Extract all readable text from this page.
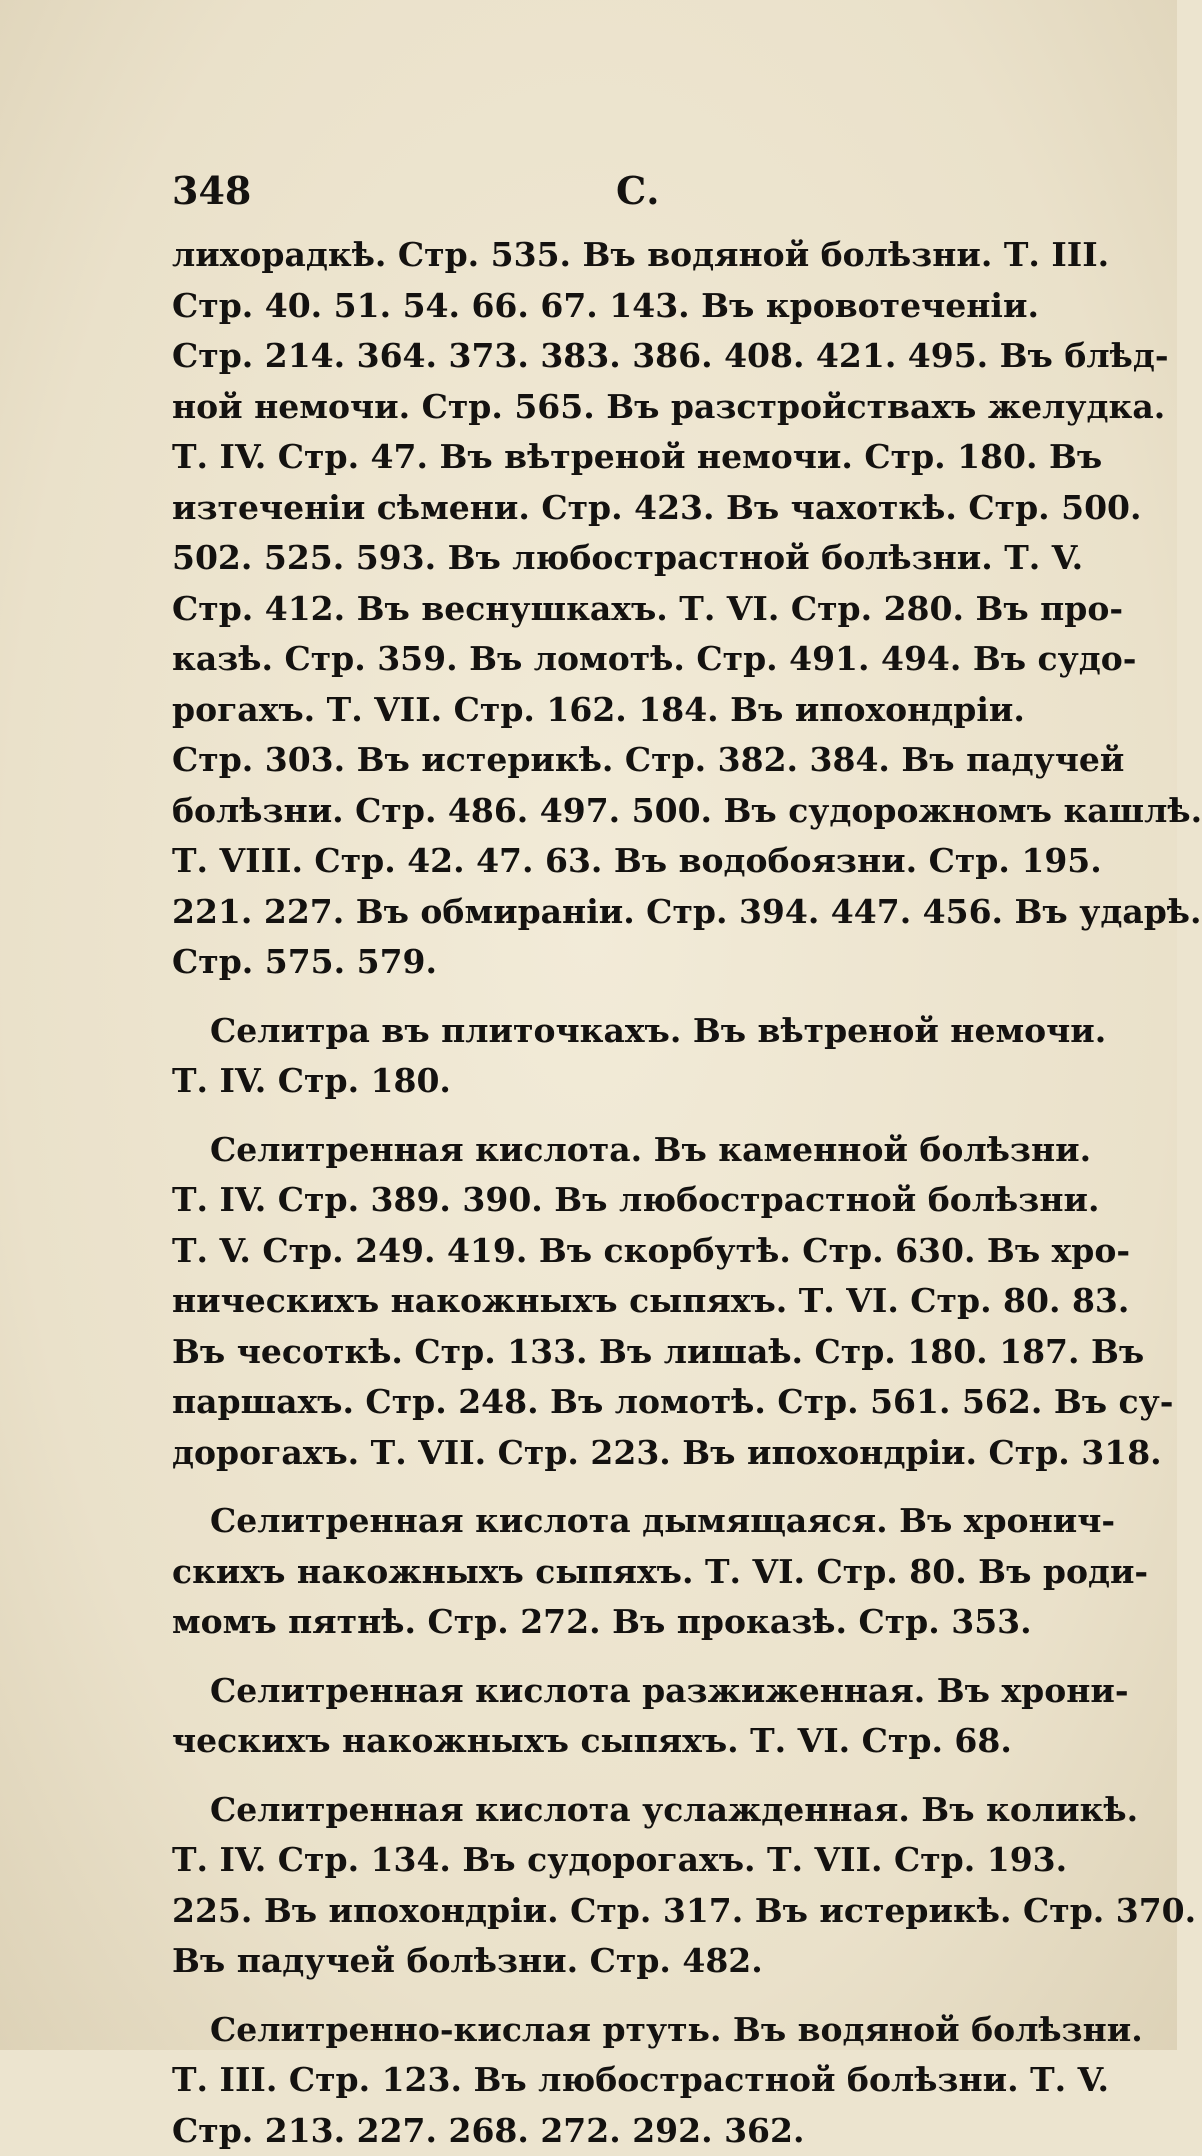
348	С.
лихорадкѣ. Стр. 535. Въ водяной болѣзни. Т. III.
Стр. 40. 51. 54. 66. 67. 143. Въ кровотеченіи.
Стр. 214. 364. 373. 383. 386. 408. 421. 495. Въ блѣд-
ной немочи. Стр. 565. Въ разстройствахъ желудка.
Т. IV. Стр. 47. Въ вѣтреной немочи. Стр. 180. Въ
изтеченіи сѣмени. Стр. 423. Въ чахоткѣ. Стр. 500.
502. 525. 593. Въ любострастной болѣзни. Т. V.
Стр. 412. Въ веснушкахъ. Т. VI. Стр. 280. Въ про-
казѣ. Стр. 359. Въ ломотѣ. Стр. 491. 494. Въ судо-
рогахъ. Т. VII. Стр. 162. 184. Въ ипохондріи.
Стр. 303. Въ истерикѣ. Стр. 382. 384. Въ падучей
болѣзни. Стр. 486. 497. 500. Въ судорожномъ кашлѣ.
Т. VIII. Стр. 42. 47. 63. Въ водобоязни. Стр. 195.
221. 227. Въ обмираніи. Стр. 394. 447. 456. Въ ударѣ.
Стр. 575. 579.
Селитра въ плиточкахъ. Въ вѣтреной немочи.
Т. IV. Стр. 180.
Селитренная кислота. Въ каменной болѣзни.
Т. IV. Стр. 389. 390. Въ любострастной болѣзни.
Т. V. Стр. 249. 419. Въ скорбутѣ. Стр. 630. Въ хро-
ническихъ накожныхъ сыпяхъ. Т. VI. Стр. 80. 83.
Въ чесоткѣ. Стр. 133. Въ лишаѣ. Стр. 180. 187. Въ
паршахъ. Стр. 248. Въ ломотѣ. Стр. 561. 562. Въ су-
дорогахъ. Т. VII. Стр. 223. Въ ипохондріи. Стр. 318.
Селитренная кислота дымящаяся. Въ хронич-
скихъ накожныхъ сыпяхъ. Т. VI. Стр. 80. Въ роди-
момъ пятнѣ. Стр. 272. Въ проказѣ. Стр. 353.
Селитренная кислота разжиженная. Въ хрони-
ческихъ накожныхъ сыпяхъ. Т. VI. Стр. 68.
Селитренная кислота услажденная. Въ коликѣ.
Т. IV. Стр. 134. Въ судорогахъ. Т. VII. Стр. 193.
225. Въ ипохондріи. Стр. 317. Въ истерикѣ. Стр. 370.
Въ падучей болѣзни. Стр. 482.
Селитренно-кислая ртуть. Въ водяной болѣзни.
Т. III. Стр. 123. Въ любострастной болѣзни. Т. V.
Стр. 213. 227. 268. 272. 292. 362.
